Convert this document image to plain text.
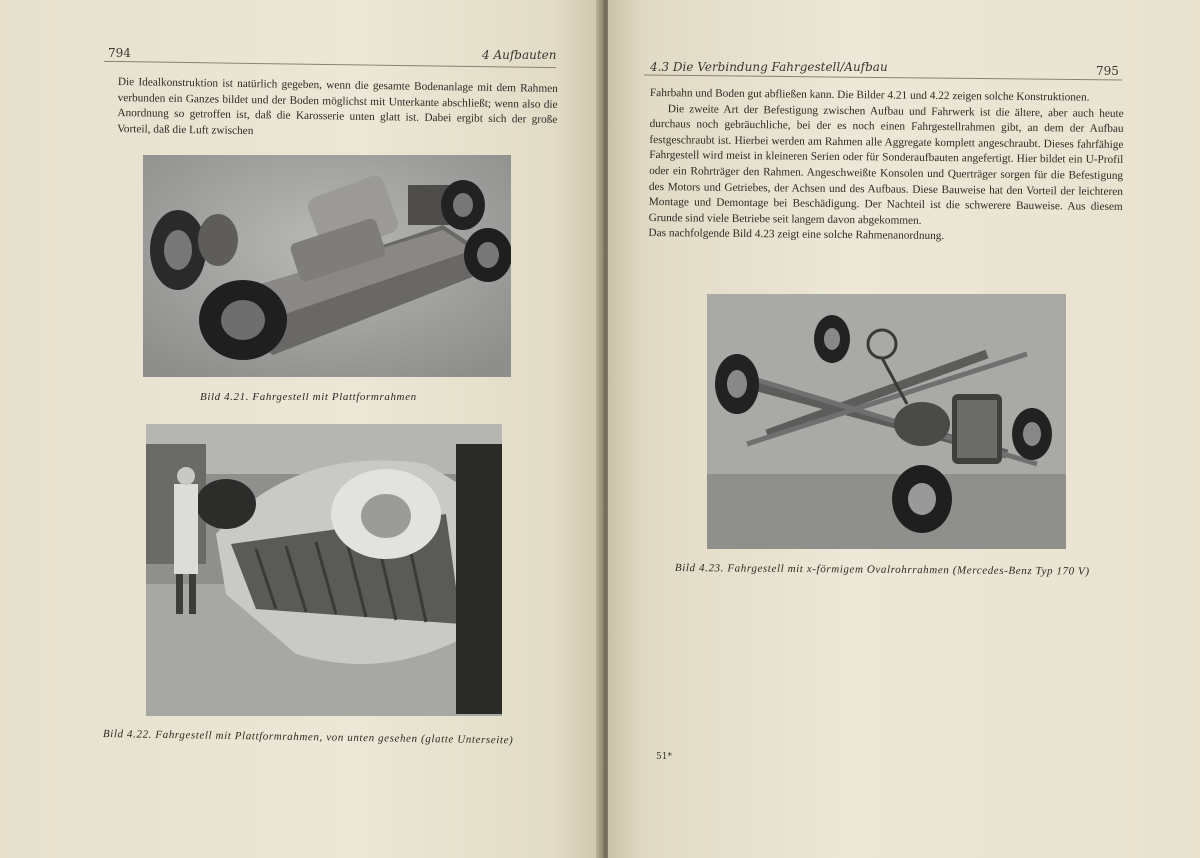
794	4 Aufbauten

Die Idealkonstruktion ist natürlich gegeben, wenn die gesamte Bodenanlage mit dem Rahmen verbunden ein Ganzes bildet und der Boden möglichst mit Unterkante abschließt; wenn also die Anordnung so getroffen ist, daß die Karosserie unten glatt ist. Dabei ergibt sich der große Vorteil, daß die Luft zwischen

Bild 4.21. Fahrgestell mit Plattformrahmen
Bild 4.22. Fahrgestell mit Plattformrahmen, von unten gesehen (glatte Unterseite)
4.3 Die Verbindung Fahrgestell/Aufbau	795

Fahrbahn und Boden gut abfließen kann. Die Bilder 4.21 und 4.22 zeigen solche Konstruktionen.

Die zweite Art der Befestigung zwischen Aufbau und Fahrwerk ist die ältere, aber auch heute durchaus noch gebräuchliche, bei der es noch einen Fahrgestellrahmen gibt, an dem der Aufbau festgeschraubt ist. Hierbei werden am Rahmen alle Aggregate komplett angeschraubt. Dieses fahrfähige Fahrgestell wird meist in kleineren Serien oder für Sonderaufbauten angefertigt. Hier bildet ein U-Profil oder ein Rohrträger den Rahmen. Angeschweißte Konsolen und Querträger sorgen für die Befestigung des Motors und Getriebes, der Achsen und des Aufbaus. Diese Bauweise hat den Vorteil der leichteren Montage und Demontage bei Beschädigung. Der Nachteil ist die schwerere Bauweise. Aus diesem Grunde sind viele Betriebe seit langem davon abgekommen.

Das nachfolgende Bild 4.23 zeigt eine solche Rahmenanordnung.

Bild 4.23. Fahrgestell mit x-förmigem Ovalrohrrahmen (Mercedes-Benz Typ 170 V)
51*
